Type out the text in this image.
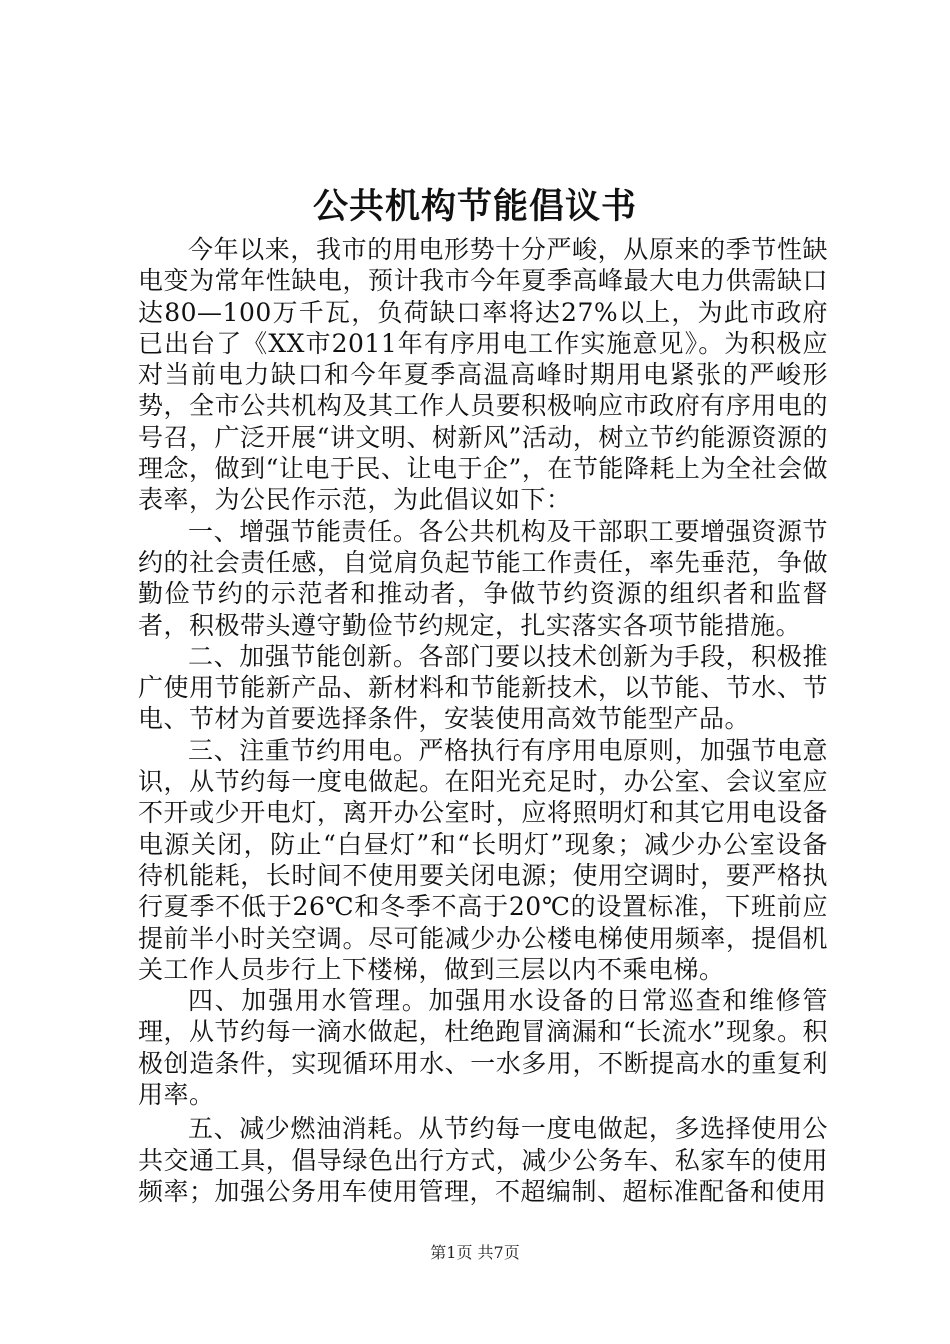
公共机构节能倡议书

今年以来，我市的用电形势十分严峻，从原来的季节性缺电变为常年性缺电，预计我市今年夏季高峰最大电力供需缺口达80—100万千瓦，负荷缺口率将达27%以上，为此市政府已出台了《XX市2011年有序用电工作实施意见》。为积极应对当前电力缺口和今年夏季高温高峰时期用电紧张的严峻形势，全市公共机构及其工作人员要积极响应市政府有序用电的号召，广泛开展“讲文明、树新风”活动，树立节约能源资源的理念，做到“让电于民、让电于企”，在节能降耗上为全社会做表率，为公民作示范，为此倡议如下：

一、增强节能责任。各公共机构及干部职工要增强资源节约的社会责任感，自觉肩负起节能工作责任，率先垂范，争做勤俭节约的示范者和推动者，争做节约资源的组织者和监督者，积极带头遵守勤俭节约规定，扎实落实各项节能措施。

二、加强节能创新。各部门要以技术创新为手段，积极推广使用节能新产品、新材料和节能新技术，以节能、节水、节电、节材为首要选择条件，安装使用高效节能型产品。

三、注重节约用电。严格执行有序用电原则，加强节电意识，从节约每一度电做起。在阳光充足时，办公室、会议室应不开或少开电灯，离开办公室时，应将照明灯和其它用电设备电源关闭，防止“白昼灯”和“长明灯”现象；减少办公室设备待机能耗，长时间不使用要关闭电源；使用空调时，要严格执行夏季不低于26℃和冬季不高于20℃的设置标准，下班前应提前半小时关空调。尽可能减少办公楼电梯使用频率，提倡机关工作人员步行上下楼梯，做到三层以内不乘电梯。

四、加强用水管理。加强用水设备的日常巡查和维修管理，从节约每一滴水做起，杜绝跑冒滴漏和“长流水”现象。积极创造条件，实现循环用水、一水多用，不断提高水的重复利用率。

五、减少燃油消耗。从节约每一度电做起，多选择使用公共交通工具，倡导绿色出行方式，减少公务车、私家车的使用频率；加强公务用车使用管理，不超编制、超标准配备和使用

第1页 共7页
